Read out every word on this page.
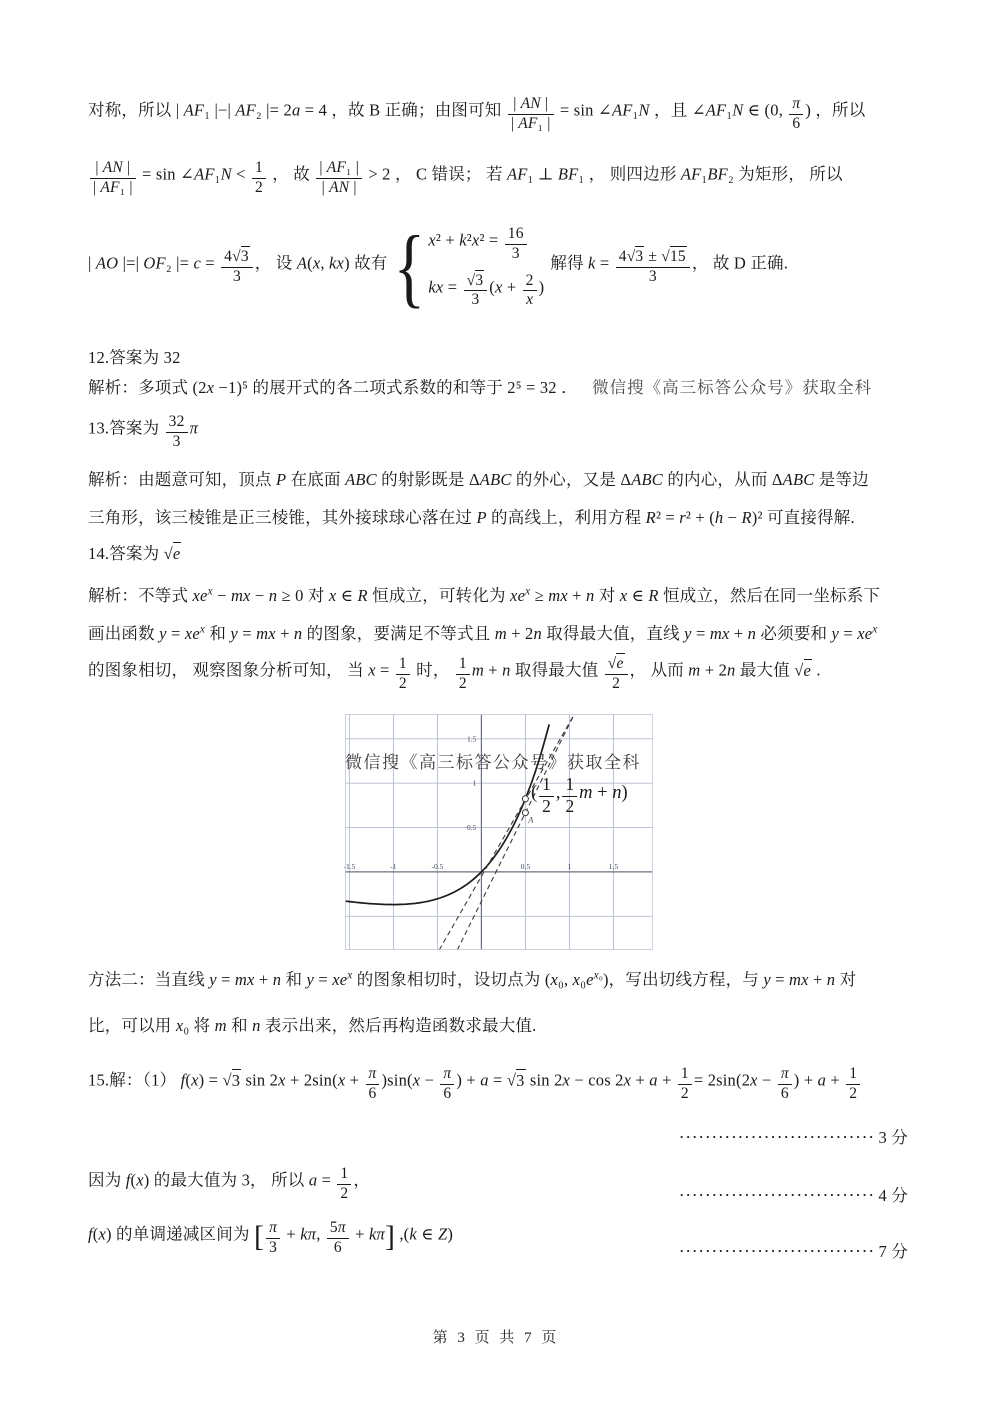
对称，所以 | AF₁ |−| AF₂ |= 2a = 4 ，故 B 正确；由图可知 $\frac{| AN |}{\text{| AF₁ |}} = \sin$ ∠AF₁N ，且 ∠AF₁N ∈ (0, $\frac{\pi}{6}$ ) ，所以
$\frac{| AN |}{\text{| AF₁ |}} = \sin$ ∠AF₁N < $\frac{1}{2}$ ， 故 $\frac{\text{| AF₁ |}}{| AN |} > 2$ ， C 错误； 若 AF₁ ⊥ BF₁ ， 则四边形 AF₁BF₂ 为矩形， 所以
| AO |=| OF₂ |= $c = \frac{4√3}{3}$ ， 设 A(x, kx) 故有 { $x^2 + k^2x^2 = \frac{16}{3}$
kx = $\frac{√3}{3} (x + \frac{2}{x}$ )
解得 $k = \frac{4√3 \pm √15}{3}$ ， 故 D 正确.
12.答案为 32
解析：多项式 (2x −1)⁵ 的展开式的各二项式系数的和等于 2⁵ = 32 ． 微信搜《高三标答公众号》获取全科
13.答案为 $\frac{32}{3}$ π
解析：由题意可知，顶点 P 在底面 ABC 的射影既是 ΔABC 的外心，又是 ΔABC 的内心，从而 ΔABC 是等边
三角形，该三棱锥是正三棱锥，其外接球球心落在过 P 的高线上，利用方程 R² = r² + (h − R)² 可直接得解.
14.答案为 √e
解析：不等式 $xe^x$ − mx − n ≥ 0 对 x ∈ R 恒成立，可转化为 $xe^x$ ≥ mx + n 对 x ∈ R 恒成立，然后在同一坐标系下
画出函数 $y = xe^x$ 和 y = mx + n 的图象，要满足不等式且 m + 2n 取得最大值，直线 y = mx + n 必须要和 $y = xe^x$
的图象相切， 观察图象分析可知， 当 $x = \frac{1}{2}$ 时， $\frac{1}{2}$ m + n 取得最大值 $\frac{√e}{2}$ ， 从而 m + 2n 最大值 √e .
-1.5	-1	-0.5	0.5	1	1.5
0.5
1
1.5
A
微信搜《高三标答公众号》获取全科
( $\frac{1}{2}$ , $\frac{1}{2}$ m + n)
方法二：当直线 y = mx + n 和 $y = xe^x$ 的图象相切时，设切点为 (x₀, $x_0e^{x_0}$)，写出切线方程，与 y = mx + n 对
比，可以用 x₀ 将 m 和 n 表示出来，然后再构造函数求最大值.
15.解：（1） f(x) = √3 $\sin 2x + 2\sin(x + \frac{\pi}{6} )\sin(x - \frac{\pi}{6}$ ) + a = √3 $\sin 2x - \cos 2x + a + \frac{1}{2} = 2\sin(2x - \frac{\pi}{6}$ ) + $a + \frac{1}{2}$
······························ 3 分
因为 f(x) 的最大值为 3， 所以 $a = \frac{1}{2}$ ，
······························ 4 分
f(x) 的单调递减区间为 [ $\frac{\pi}{3} + k\pi$, $\frac{5\pi}{6} + k\pi$] ,(k ∈ Z)
······························ 7 分
第 3 页 共 7 页
